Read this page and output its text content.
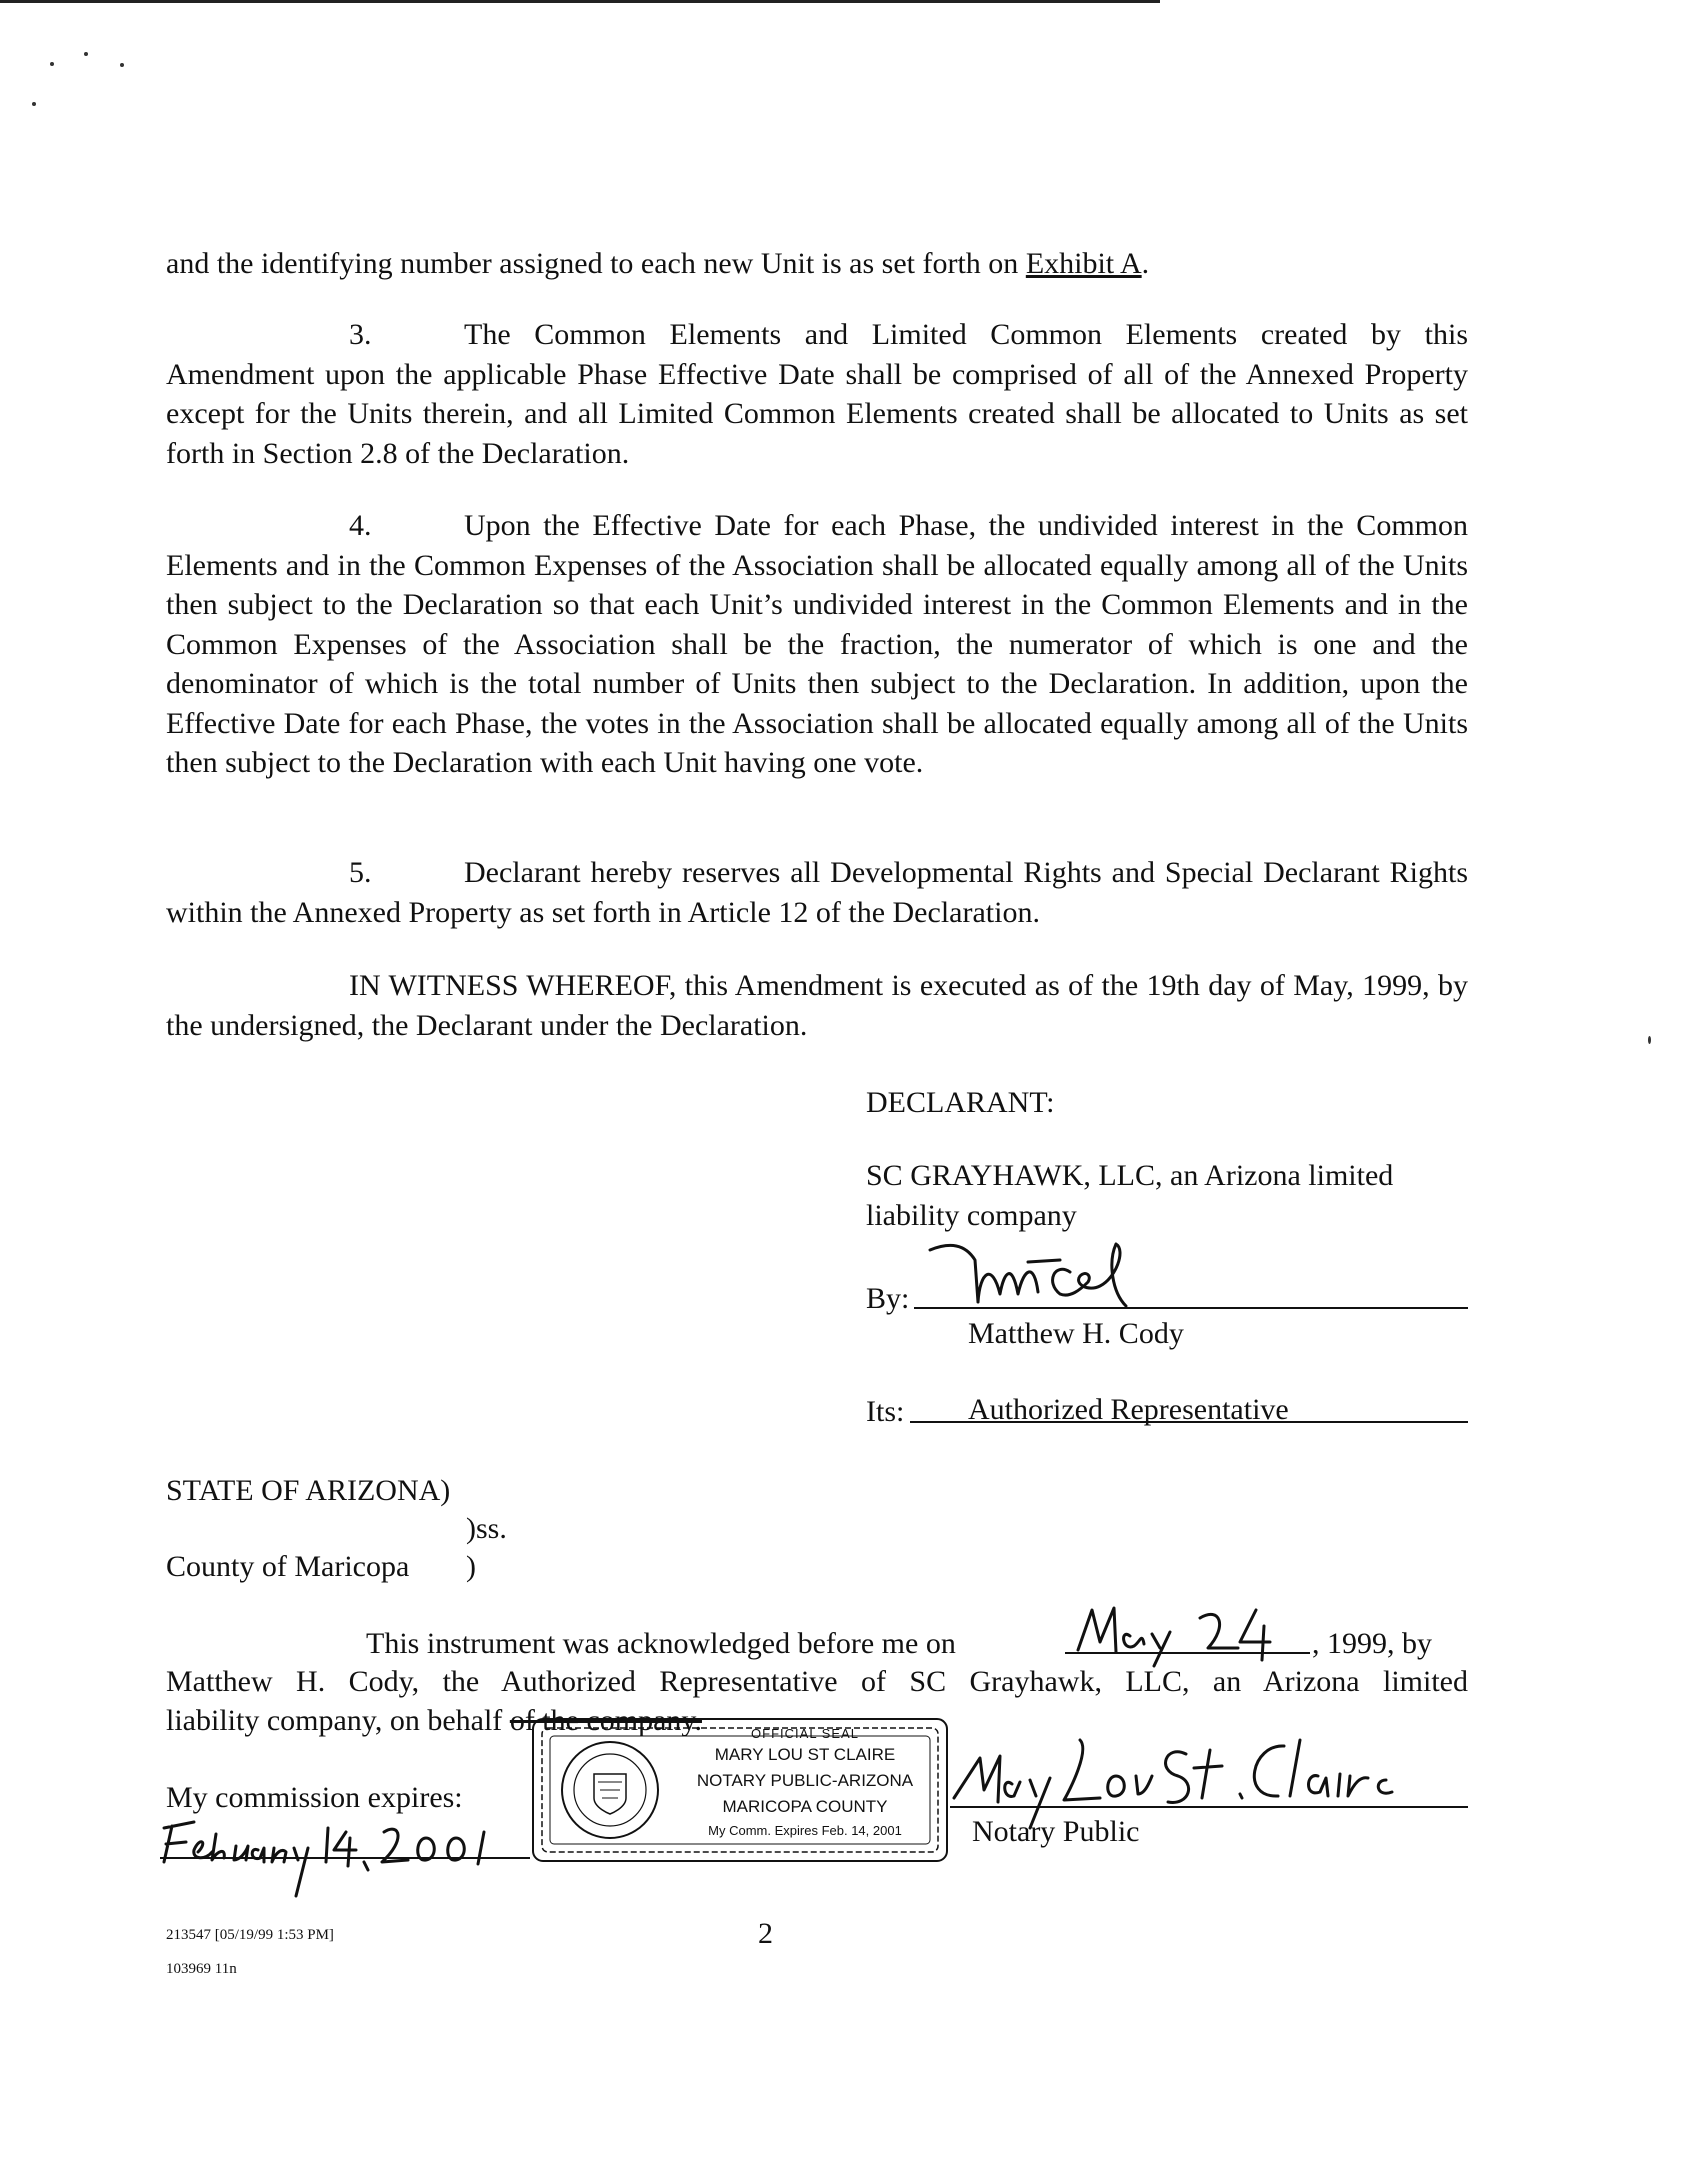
and the identifying number assigned to each new Unit is as set forth on Exhibit A.

3.	The Common Elements and Limited Common Elements created by this Amendment upon the applicable Phase Effective Date shall be comprised of all of the Annexed Property except for the Units therein, and all Limited Common Elements created shall be allocated to Units as set forth in Section 2.8 of the Declaration.

4.	Upon the Effective Date for each Phase, the undivided interest in the Common Elements and in the Common Expenses of the Association shall be allocated equally among all of the Units then subject to the Declaration so that each Unit’s undivided interest in the Common Elements and in the Common Expenses of the Association shall be the fraction, the numerator of which is one and the denominator of which is the total number of Units then subject to the Declaration. In addition, upon the Effective Date for each Phase, the votes in the Association shall be allocated equally among all of the Units then subject to the Declaration with each Unit having one vote.

5.	Declarant hereby reserves all Developmental Rights and Special Declarant Rights within the Annexed Property as set forth in Article 12 of the Declaration.

IN WITNESS WHEREOF, this Amendment is executed as of the 19th day of May, 1999, by the undersigned, the Declarant under the Declaration.

DECLARANT:
SC GRAYHAWK, LLC, an Arizona limited
liability company
By:
Matthew H. Cody
Its: Authorized Representative
STATE OF ARIZONA)
)ss.
County of Maricopa )
This instrument was acknowledged before me on	, 1999, by
Matthew H. Cody, the Authorized Representative of SC Grayhawk, LLC, an Arizona limited
liability company, on behalf of the company.
My commission expires:
OFFICIAL SEAL
MARY LOU ST CLAIRE
NOTARY PUBLIC-ARIZONA
MARICOPA COUNTY
My Comm. Expires Feb. 14, 2001	Notary Public
213547 [05/19/99 1:53 PM]
103969 11n
2
